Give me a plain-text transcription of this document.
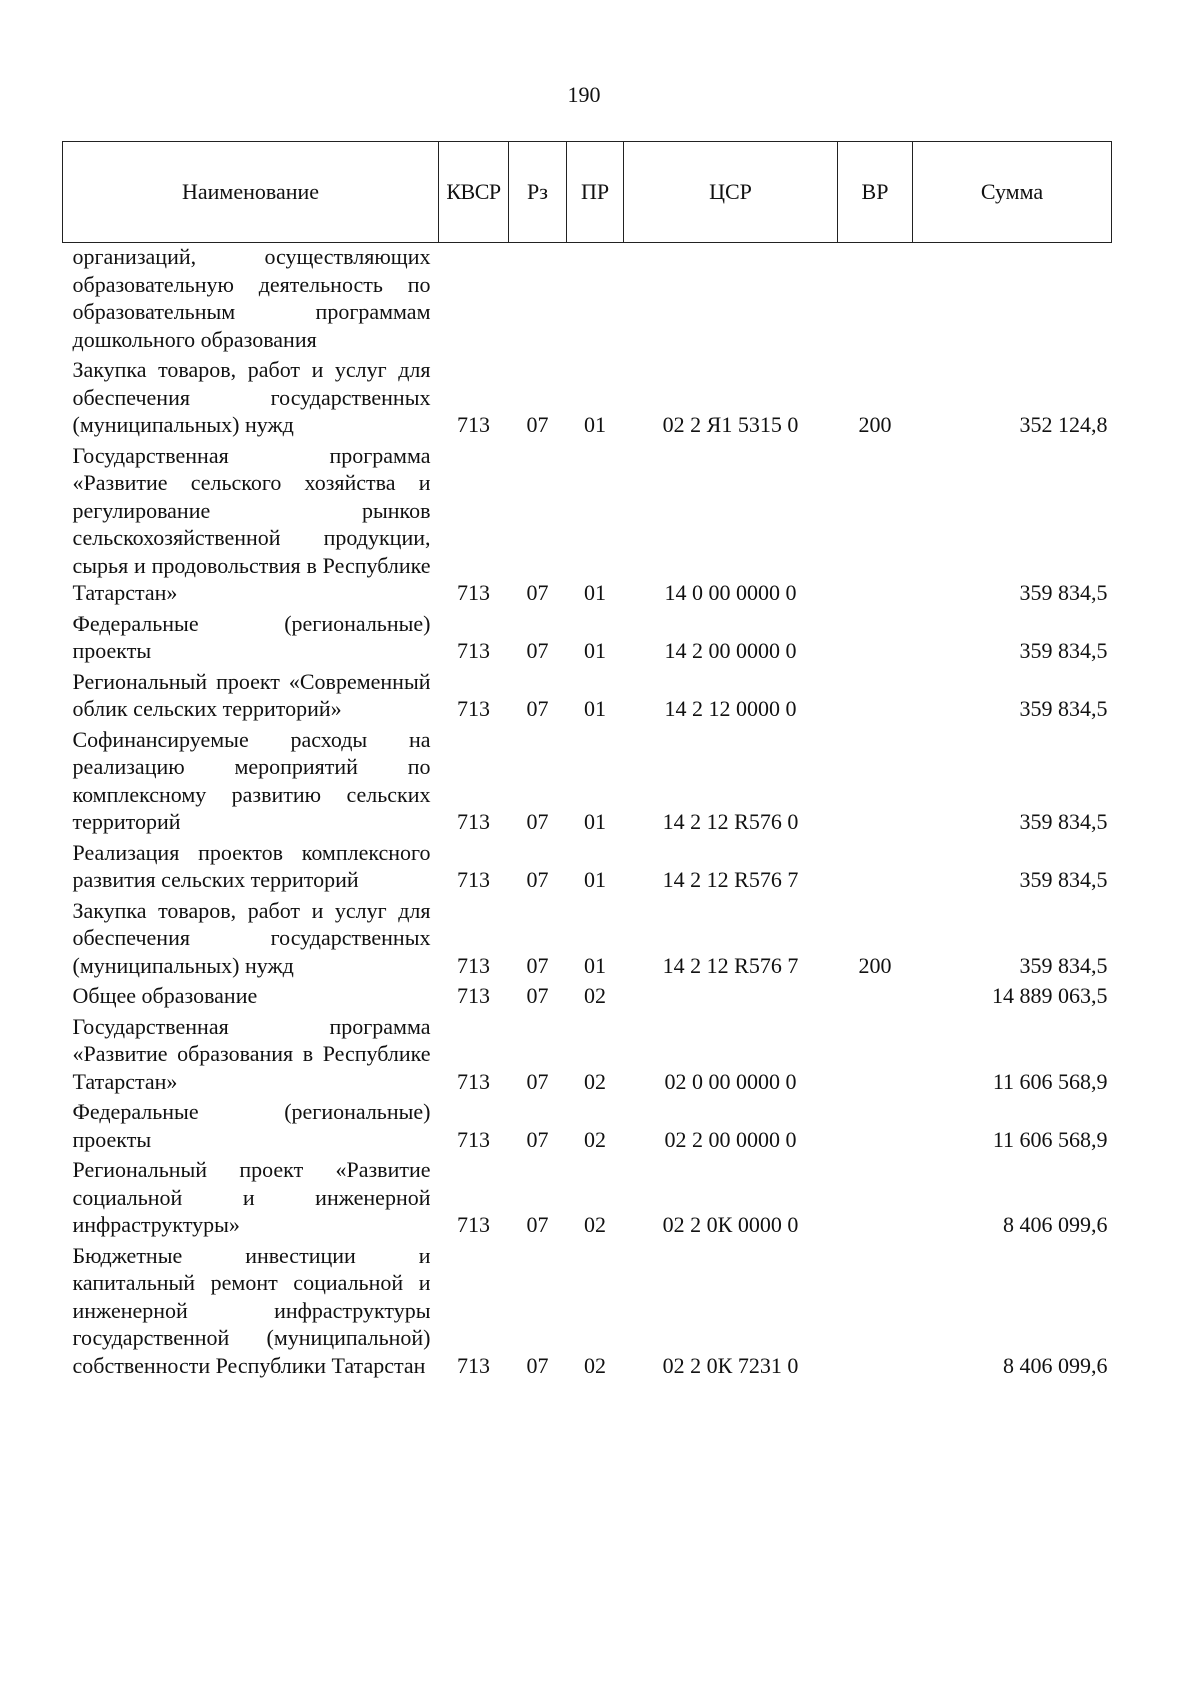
190
Наименование	КВСР	Рз	ПР	ЦСР	ВР	Сумма
организаций, осуществляющих образовательную деятельность по образовательным программам дошкольного образования						
Закупка товаров, работ и услуг для обеспечения государственных (муниципальных) нужд	713	07	01	02 2 Я1 5315 0	200	352 124,8
Государственная программа «Развитие сельского хозяйства и регулирование рынков сельскохозяйственной продукции, сырья и продовольствия в Республике Татарстан»	713	07	01	14 0 00 0000 0		359 834,5
Федеральные (региональные) проекты	713	07	01	14 2 00 0000 0		359 834,5
Региональный проект «Современный облик сельских территорий»	713	07	01	14 2 12 0000 0		359 834,5
Софинансируемые расходы на реализацию мероприятий по комплексному развитию сельских территорий	713	07	01	14 2 12 R576 0		359 834,5
Реализация проектов комплексного развития сельских территорий	713	07	01	14 2 12 R576 7		359 834,5
Закупка товаров, работ и услуг для обеспечения государственных (муниципальных) нужд	713	07	01	14 2 12 R576 7	200	359 834,5
Общее образование	713	07	02			14 889 063,5
Государственная программа «Развитие образования в Республике Татарстан»	713	07	02	02 0 00 0000 0		11 606 568,9
Федеральные (региональные) проекты	713	07	02	02 2 00 0000 0		11 606 568,9
Региональный проект «Развитие социальной и инженерной инфраструктуры»	713	07	02	02 2 0К 0000 0		8 406 099,6
Бюджетные инвестиции и капитальный ремонт социальной и инженерной инфраструктуры государственной (муниципальной) собственности Республики Татарстан	713	07	02	02 2 0К 7231 0		8 406 099,6
